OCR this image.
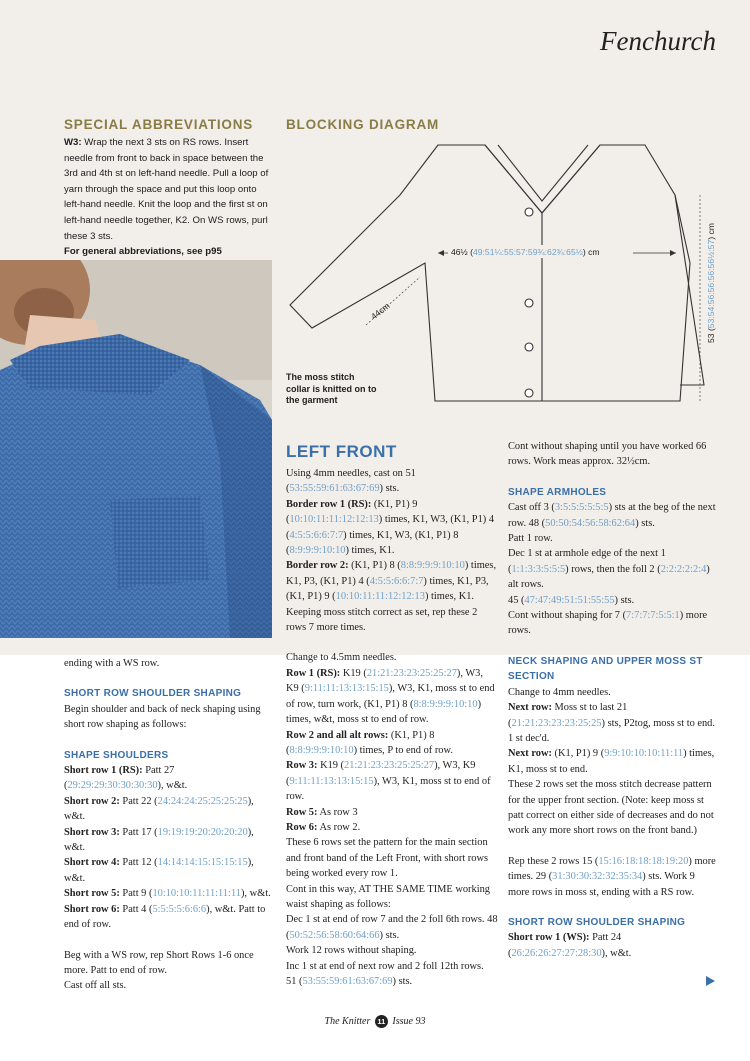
Fenchurch
SPECIAL ABBREVIATIONS
W3: Wrap the next 3 sts on RS rows. Insert needle from front to back in space between the 3rd and 4th st on left-hand needle. Pull a loop of yarn through the space and put this loop onto left-hand needle. Knit the loop and the first st on left-hand needle together, K2. On WS rows, purl these 3 sts.
For general abbreviations, see p95
BLOCKING DIAGRAM
46½ (49:51¼:55:57:59¾:62¾:65½) cm
44cm
53 (53:54:56:56:56:56½:57) cm
The moss stitch collar is knitted on to the garment

ending with a WS row.

SHORT ROW SHOULDER SHAPING

Begin shoulder and back of neck shaping using short row shaping as follows:

SHAPE SHOULDERS

Short row 1 (RS): Patt 27 (29:29:29:30:30:30:30), w&t.

Short row 2: Patt 22 (24:24:24:25:25:25:25), w&t.

Short row 3: Patt 17 (19:19:19:20:20:20:20), w&t.

Short row 4: Patt 12 (14:14:14:15:15:15:15), w&t.

Short row 5: Patt 9 (10:10:10:11:11:11:11), w&t.

Short row 6: Patt 4 (5:5:5:5:6:6:6), w&t. Patt to end of row.

Beg with a WS row, rep Short Rows 1-6 once more. Patt to end of row.

Cast off all sts.

LEFT FRONT

Using 4mm needles, cast on 51 (53:55:59:61:63:67:69) sts.

Border row 1 (RS): (K1, P1) 9 (10:10:11:11:12:12:13) times, K1, W3, (K1, P1) 4 (4:5:5:6:6:7:7) times, K1, W3, (K1, P1) 8 (8:9:9:9:10:10) times, K1.

Border row 2: (K1, P1) 8 (8:8:9:9:9:10:10) times, K1, P3, (K1, P1) 4 (4:5:5:6:6:7:7) times, K1, P3, (K1, P1) 9 (10:10:11:11:12:12:13) times, K1.

Keeping moss stitch correct as set, rep these 2 rows 7 more times.

Change to 4.5mm needles.

Row 1 (RS): K19 (21:21:23:23:25:25:27), W3, K9 (9:11:11:13:13:15:15), W3, K1, moss st to end of row, turn work, (K1, P1) 8 (8:8:9:9:9:10:10) times, w&t, moss st to end of row.

Row 2 and all alt rows: (K1, P1) 8 (8:8:9:9:9:10:10) times, P to end of row.

Row 3: K19 (21:21:23:23:25:25:27), W3, K9 (9:11:11:13:13:15:15), W3, K1, moss st to end of row.

Row 5: As row 3

Row 6: As row 2.

These 6 rows set the pattern for the main section and front band of the Left Front, with short rows being worked every row 1.

Cont in this way, AT THE SAME TIME working waist shaping as follows:

Dec 1 st at end of row 7 and the 2 foll 6th rows. 48 (50:52:56:58:60:64:66) sts.

Work 12 rows without shaping.

Inc 1 st at end of next row and 2 foll 12th rows.

51 (53:55:59:61:63:67:69) sts.

Cont without shaping until you have worked 66 rows. Work meas approx. 32½cm.

SHAPE ARMHOLES

Cast off 3 (3:5:5:5:5:5:5) sts at the beg of the next row. 48 (50:50:54:56:58:62:64) sts.

Patt 1 row.

Dec 1 st at armhole edge of the next 1 (1:1:3:3:5:5:5) rows, then the foll 2 (2:2:2:2:2:4) alt rows.

45 (47:47:49:51:51:55:55) sts.

Cont without shaping for 7 (7:7:7:7:5:5:1) more rows.

NECK SHAPING AND UPPER MOSS ST SECTION

Change to 4mm needles.

Next row: Moss st to last 21 (21:21:23:23:23:25:25) sts, P2tog, moss st to end.

1 st dec'd.

Next row: (K1, P1) 9 (9:9:10:10:10:11:11) times, K1, moss st to end.

These 2 rows set the moss stitch decrease pattern for the upper front section. (Note: keep moss st patt correct on either side of decreases and do not work any more short rows on the front band.)

Rep these 2 rows 15 (15:16:18:18:18:19:20) more times. 29 (31:30:30:32:32:35:34) sts. Work 9 more rows in moss st, ending with a RS row.

SHORT ROW SHOULDER SHAPING

Short row 1 (WS): Patt 24 (26:26:26:27:27:28:30), w&t.

The Knitter 11 Issue 93
